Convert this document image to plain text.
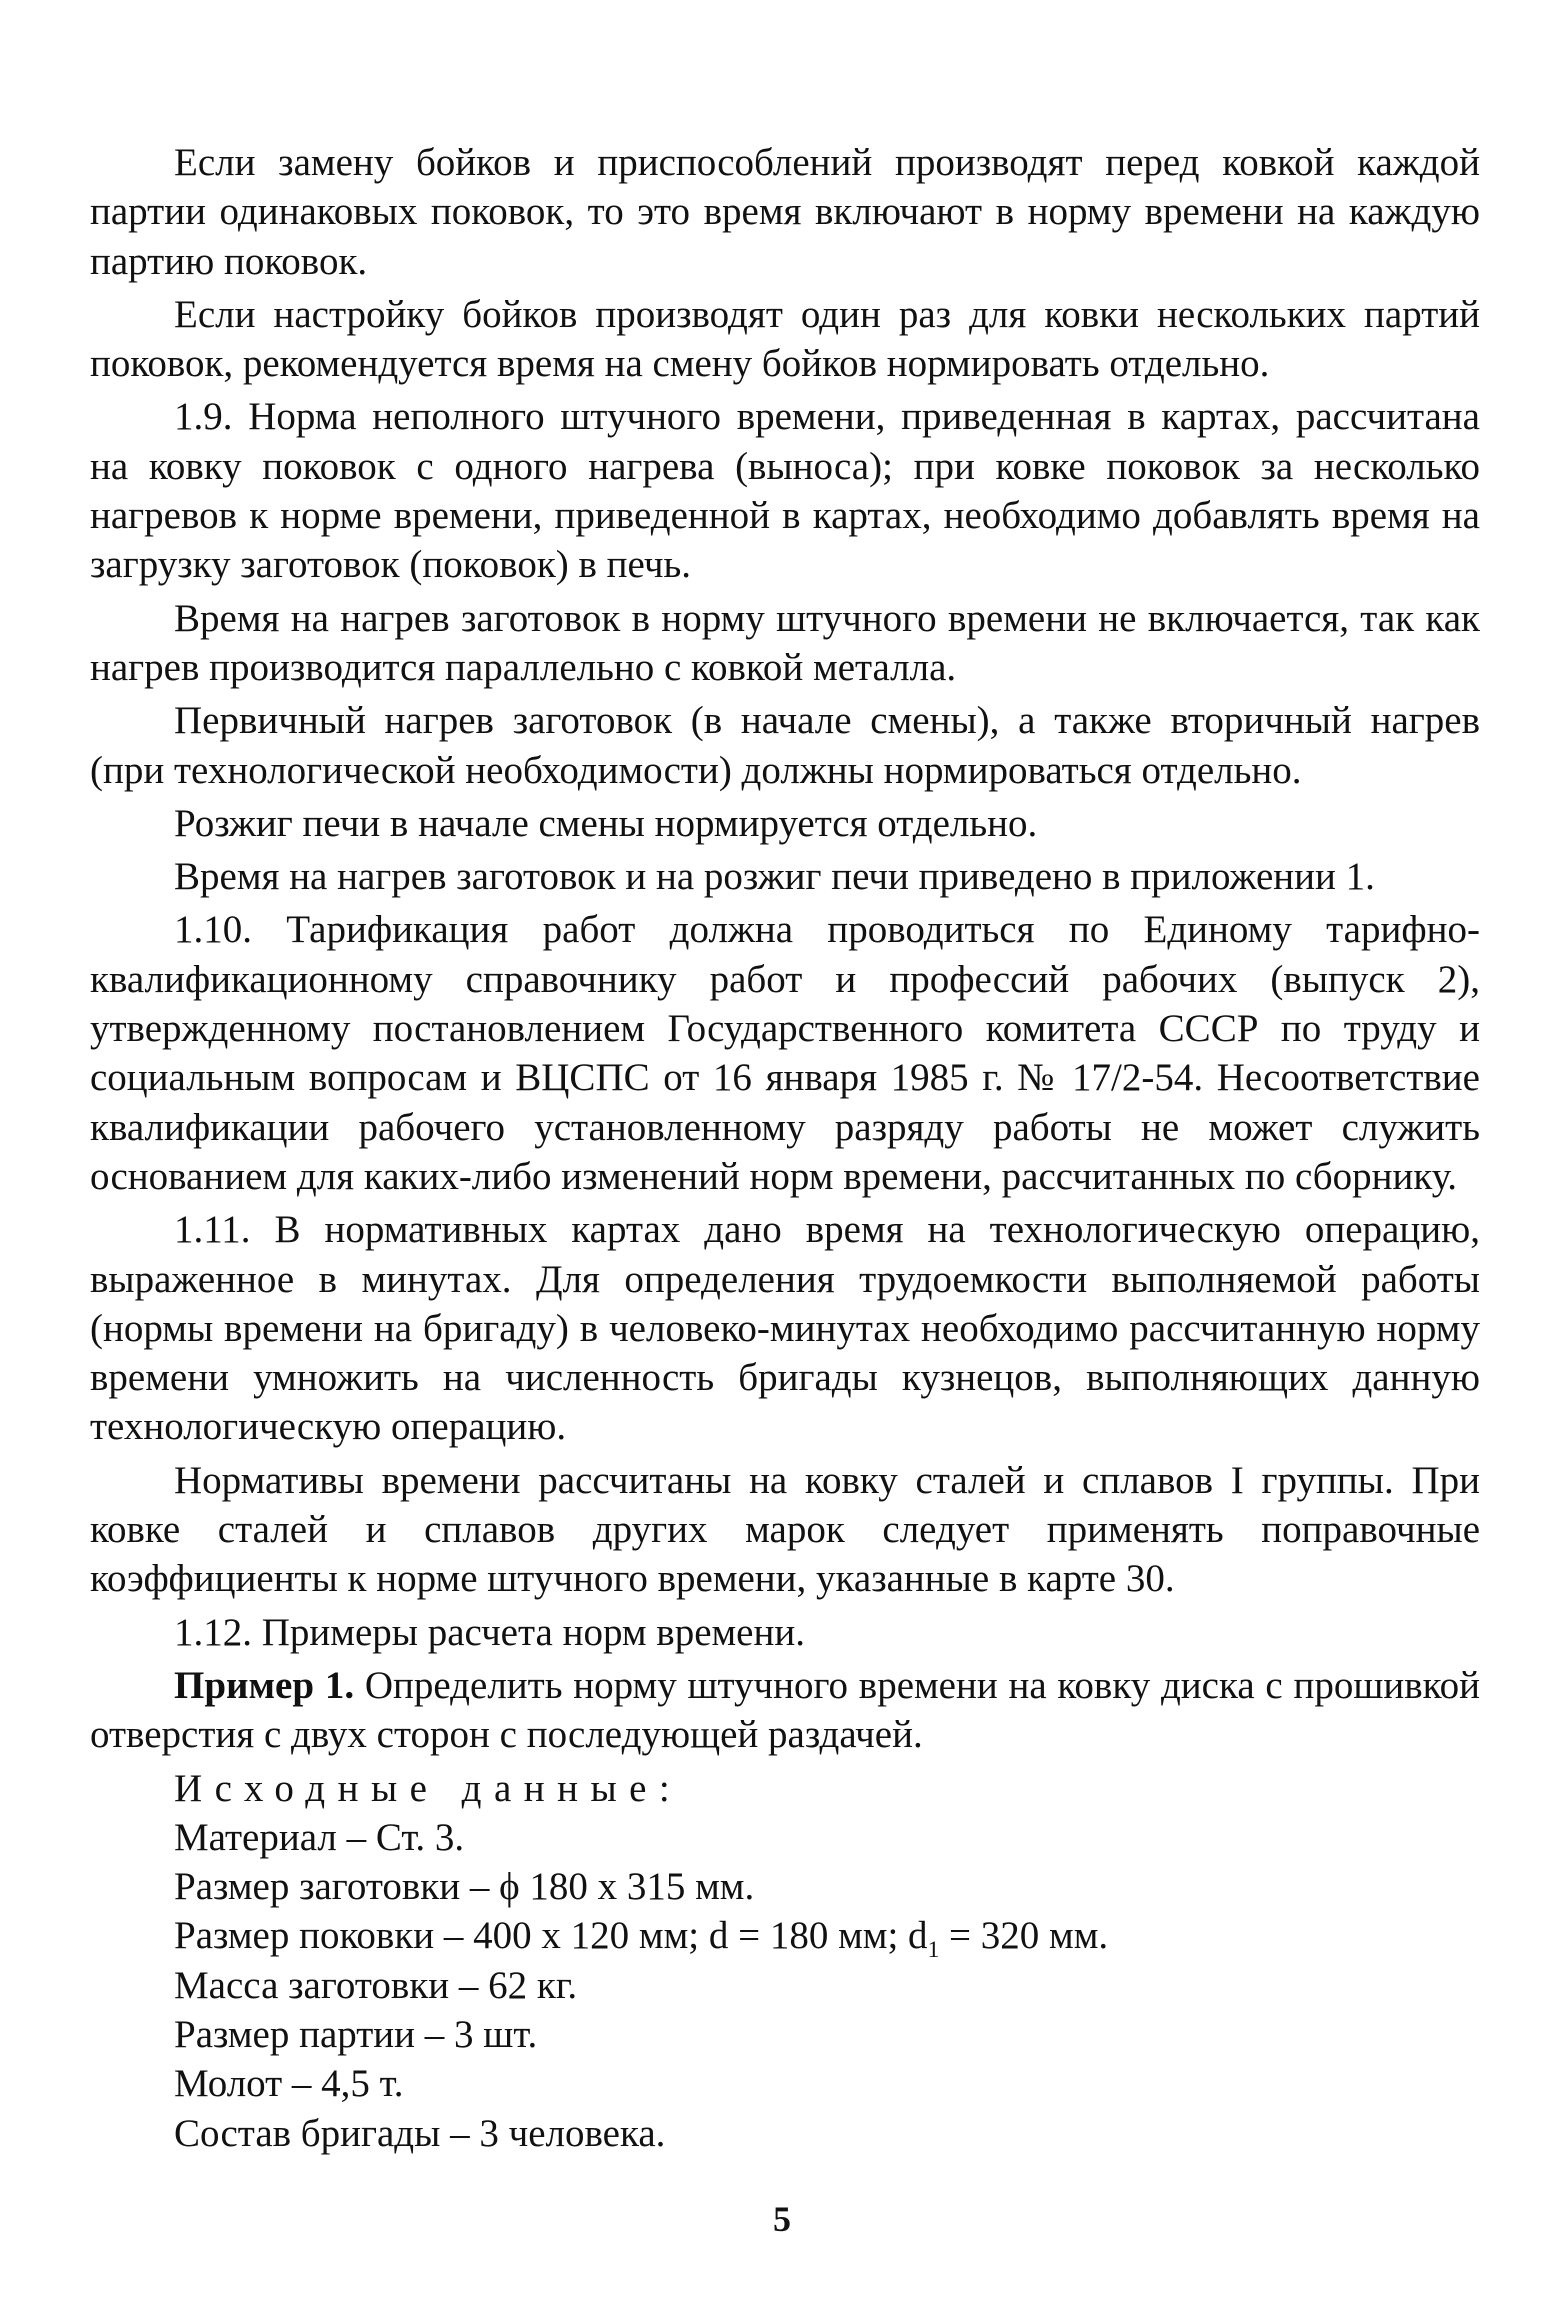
Если замену бойков и приспособлений производят перед ковкой каждой партии одинаковых поковок, то это время включают в норму времени на каждую партию поковок.

Если настройку бойков производят один раз для ковки нескольких партий поковок, рекомендуется время на смену бойков нормировать отдельно.

1.9. Норма неполного штучного времени, приведенная в картах, рассчитана на ковку поковок с одного нагрева (выноса); при ковке поковок за несколько нагревов к норме времени, приведенной в картах, необходимо добавлять время на загрузку заготовок (поковок) в печь.

Время на нагрев заготовок в норму штучного времени не включается, так как нагрев производится параллельно с ковкой металла.

Первичный нагрев заготовок (в начале смены), а также вторичный нагрев (при технологической необходимости) должны нормироваться отдельно.

Розжиг печи в начале смены нормируется отдельно.

Время на нагрев заготовок и на розжиг печи приведено в приложении 1.

1.10. Тарификация работ должна проводиться по Единому тарифно-квалификационному справочнику работ и профессий рабочих (выпуск 2), утвержденному постановлением Государственного комитета СССР по труду и социальным вопросам и ВЦСПС от 16 января 1985 г. № 17/2-54. Несоответствие квалификации рабочего установленному разряду работы не может служить основанием для каких-либо изменений норм времени, рассчитанных по сборнику.

1.11. В нормативных картах дано время на технологическую операцию, выраженное в минутах. Для определения трудоемкости выполняемой работы (нормы времени на бригаду) в человеко-минутах необходимо рассчитанную норму времени умножить на численность бригады кузнецов, выполняющих данную технологическую операцию.

Нормативы времени рассчитаны на ковку сталей и сплавов I группы. При ковке сталей и сплавов других марок следует применять поправочные коэффициенты к норме штучного времени, указанные в карте 30.

1.12. Примеры расчета норм времени.

Пример 1. Определить норму штучного времени на ковку диска с прошивкой отверстия с двух сторон с последующей раздачей.

Исходные данные:

Материал – Ст. 3.

Размер заготовки – ϕ 180 x 315 мм.

Размер поковки – 400 x 120 мм; d = 180 мм; $d_1 = 320$ мм.

Масса заготовки – 62 кг.

Размер партии – 3 шт.

Молот – 4,5 т.

Состав бригады – 3 человека.

5
